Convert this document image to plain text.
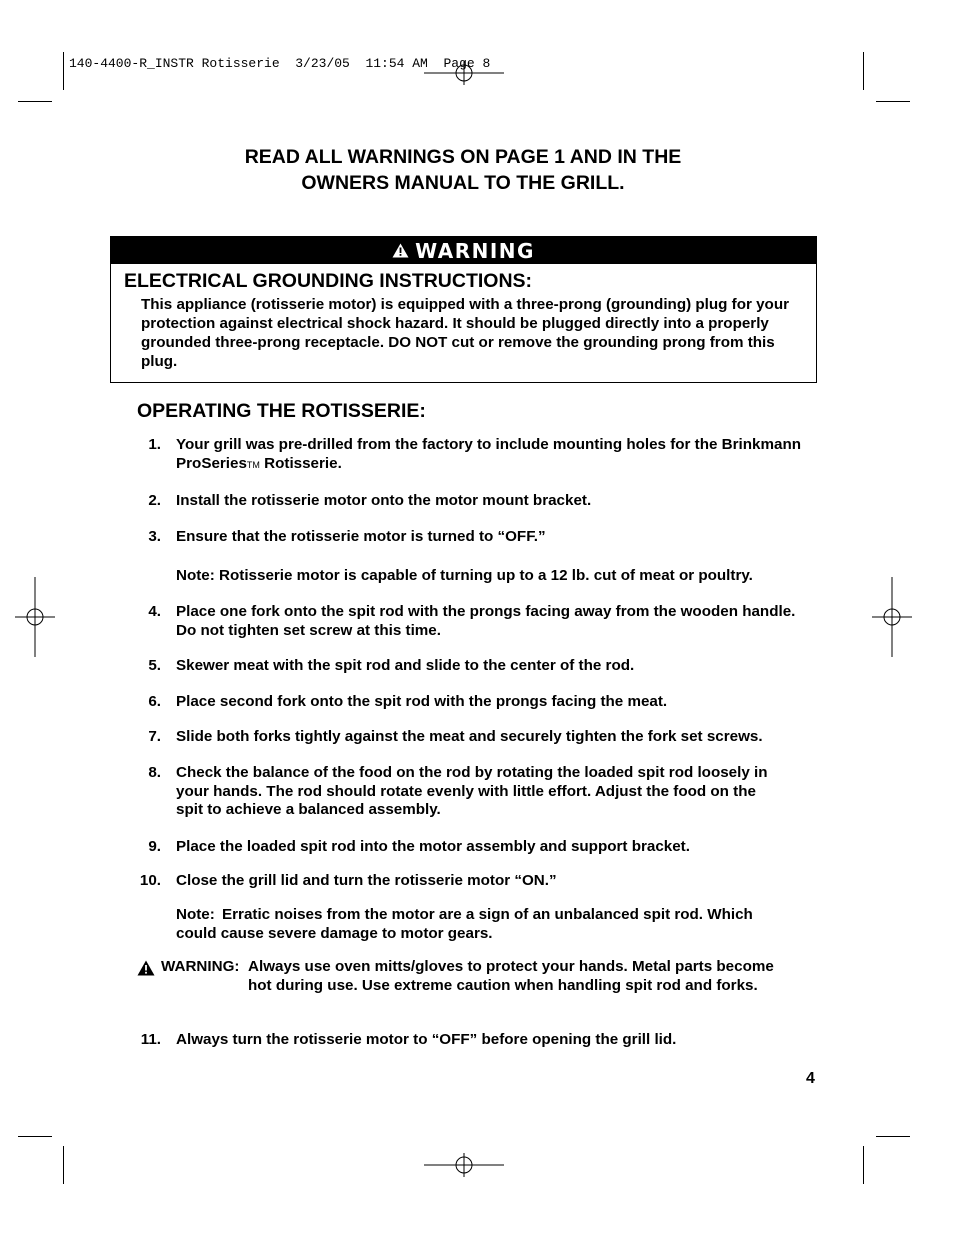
140-4400-R_INSTR Rotisserie  3/23/05  11:54 AM  Page 8
READ ALL WARNINGS ON PAGE 1 AND IN THE
OWNERS MANUAL TO THE GRILL.
WARNING
ELECTRICAL GROUNDING INSTRUCTIONS:
This appliance (rotisserie motor) is equipped with a three-prong (grounding) plug for your protection against electrical shock hazard. It should be plugged directly into a properly grounded three-prong receptacle. DO NOT cut or remove the grounding prong from this plug.
OPERATING THE ROTISSERIE:
1. Your grill was pre-drilled from the factory to include mounting holes for the Brinkmann ProSeriesTM Rotisserie.
2. Install the rotisserie motor onto the motor mount bracket.
3. Ensure that the rotisserie motor is turned to “OFF.”
Note: Rotisserie motor is capable of turning up to a 12 lb. cut of meat or poultry.
4. Place one fork onto the spit rod with the prongs facing away from the wooden handle. Do not tighten set screw at this time.
5. Skewer meat with the spit rod and slide to the center of the rod.
6. Place second fork onto the spit rod with the prongs facing the meat.
7. Slide both forks tightly against the meat and securely tighten the fork set screws.
8. Check the balance of the food on the rod by rotating the loaded spit rod loosely in your hands. The rod should rotate evenly with little effort. Adjust the food on the spit to achieve a balanced assembly.
9. Place the loaded spit rod into the motor assembly and support bracket.
10. Close the grill lid and turn the rotisserie motor “ON.”
Note: Erratic noises from the motor are a sign of an unbalanced spit rod. Which could cause severe damage to motor gears.
WARNING: Always use oven mitts/gloves to protect your hands. Metal parts become hot during use. Use extreme caution when handling spit rod and forks.
11. Always turn the rotisserie motor to “OFF” before opening the grill lid.
4
